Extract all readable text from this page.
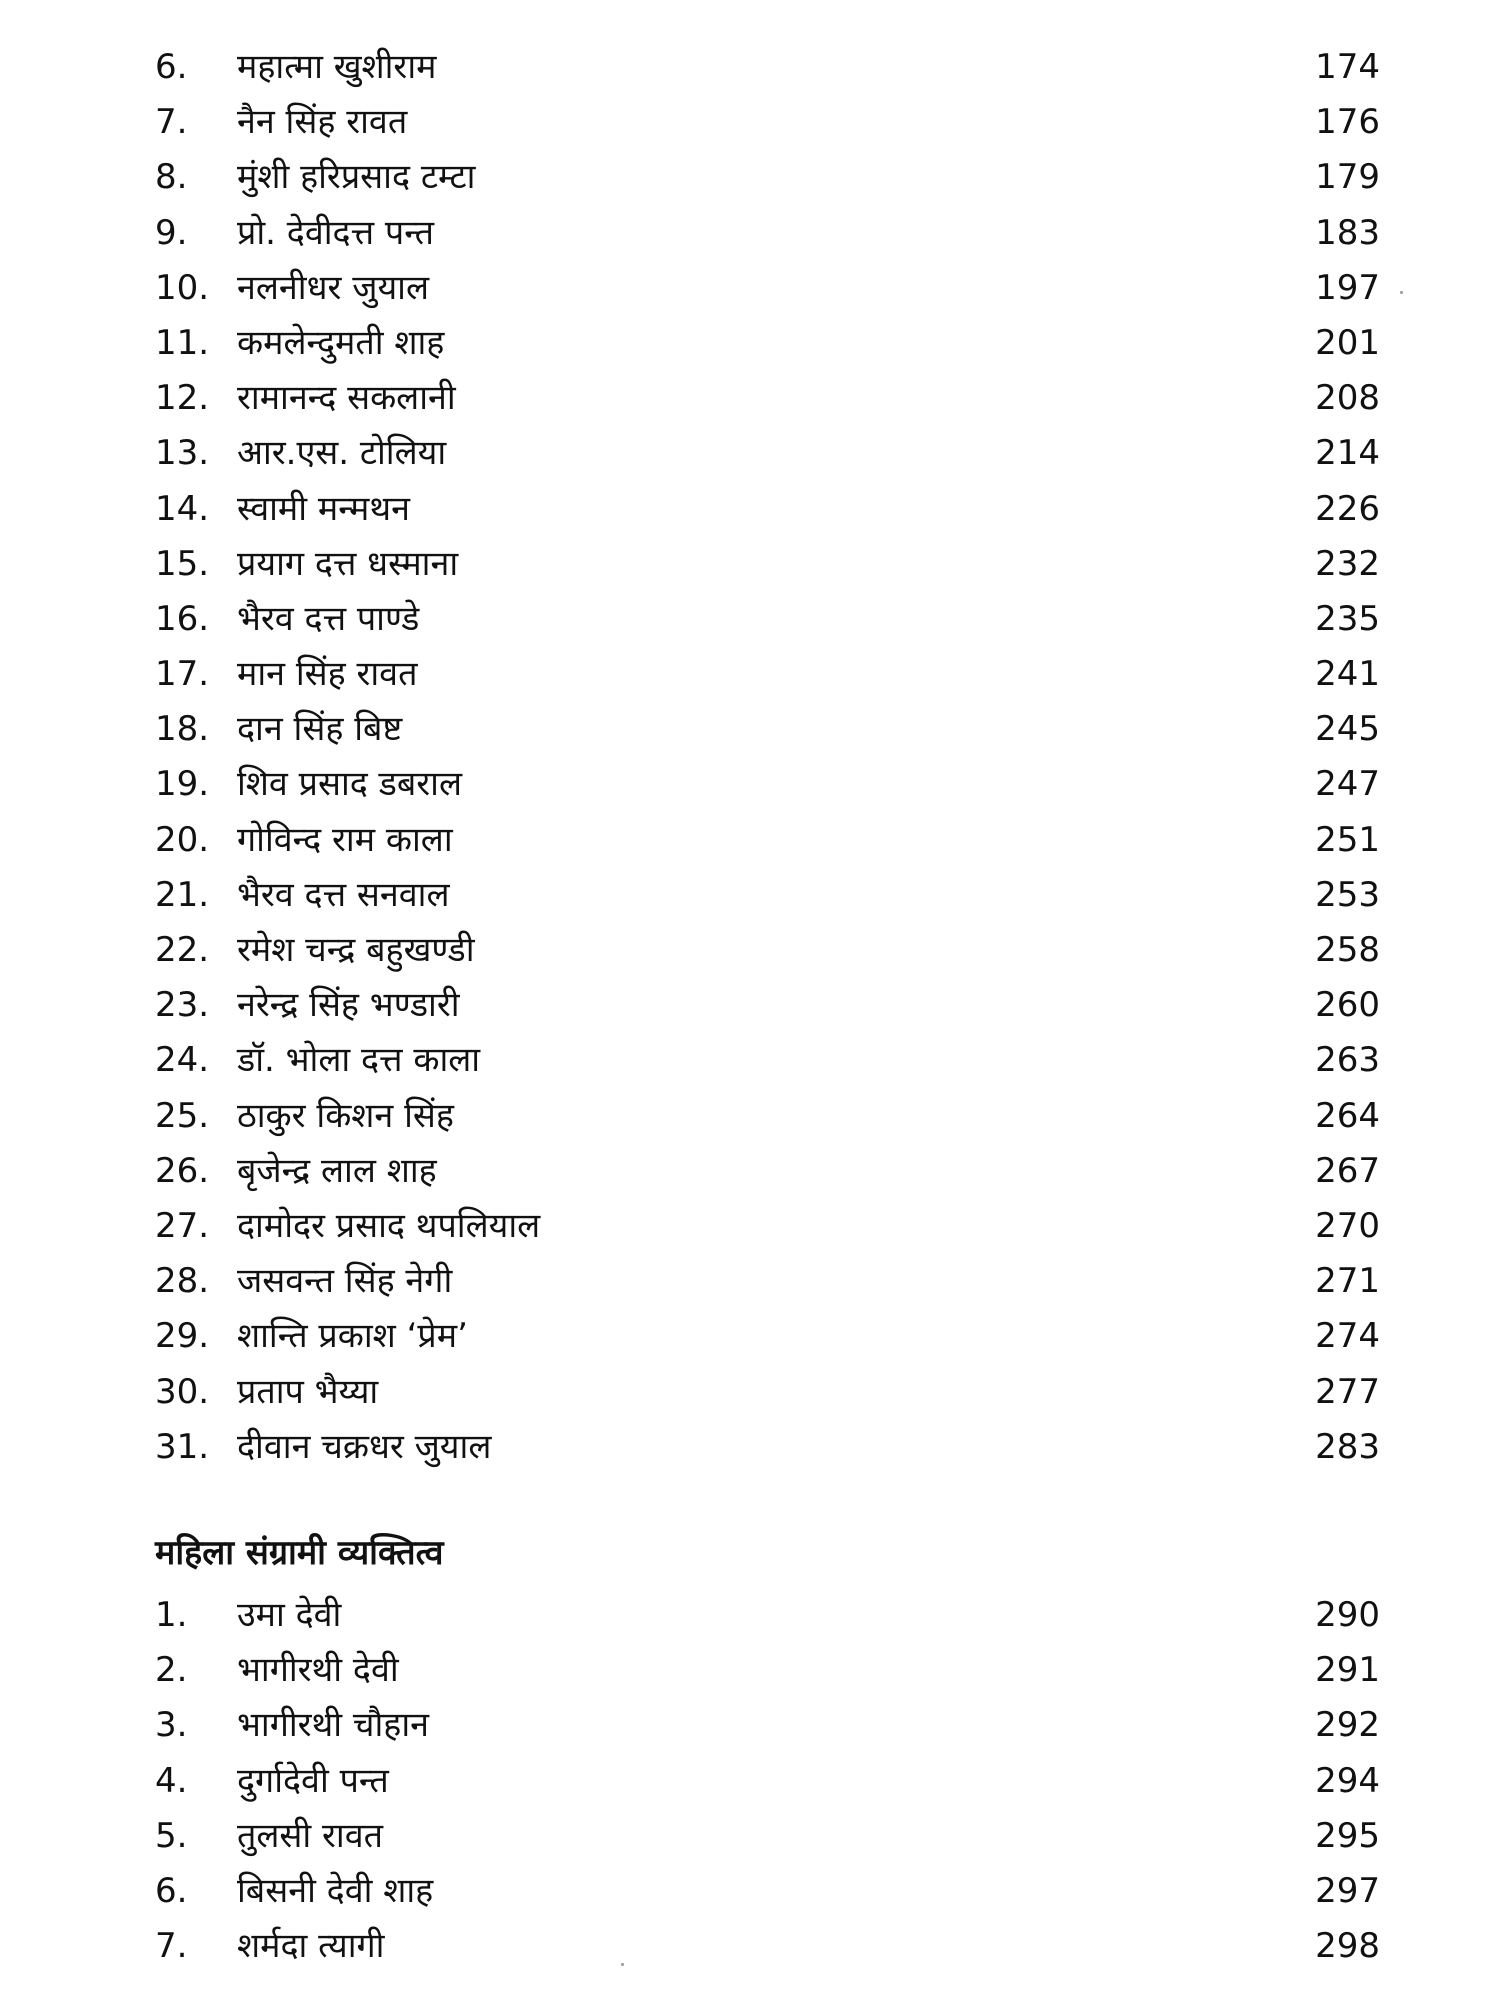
6. महात्मा खुशीराम	174
7. नैन सिंह रावत	176
8. मुंशी हरिप्रसाद टम्टा	179
9. प्रो. देवीदत्त पन्त	183
10. नलनीधर जुयाल	197
11. कमलेन्दुमती शाह	201
12. रामानन्द सकलानी	208
13. आर.एस. टोलिया	214
14. स्वामी मन्मथन	226
15. प्रयाग दत्त धस्माना	232
16. भैरव दत्त पाण्डे	235
17. मान सिंह रावत	241
18. दान सिंह बिष्ट	245
19. शिव प्रसाद डबराल	247
20. गोविन्द राम काला	251
21. भैरव दत्त सनवाल	253
22. रमेश चन्द्र बहुखण्डी	258
23. नरेन्द्र सिंह भण्डारी	260
24. डॉ. भोला दत्त काला	263
25. ठाकुर किशन सिंह	264
26. बृजेन्द्र लाल शाह	267
27. दामोदर प्रसाद थपलियाल	270
28. जसवन्त सिंह नेगी	271
29. शान्ति प्रकाश ‘प्रेम’	274
30. प्रताप भैय्या	277
31. दीवान चक्रधर जुयाल	283
महिला संग्रामी व्यक्तित्व
1. उमा देवी	290
2. भागीरथी देवी	291
3. भागीरथी चौहान	292
4. दुर्गादेवी पन्त	294
5. तुलसी रावत	295
6. बिसनी देवी शाह	297
7. शर्मदा त्यागी	298
